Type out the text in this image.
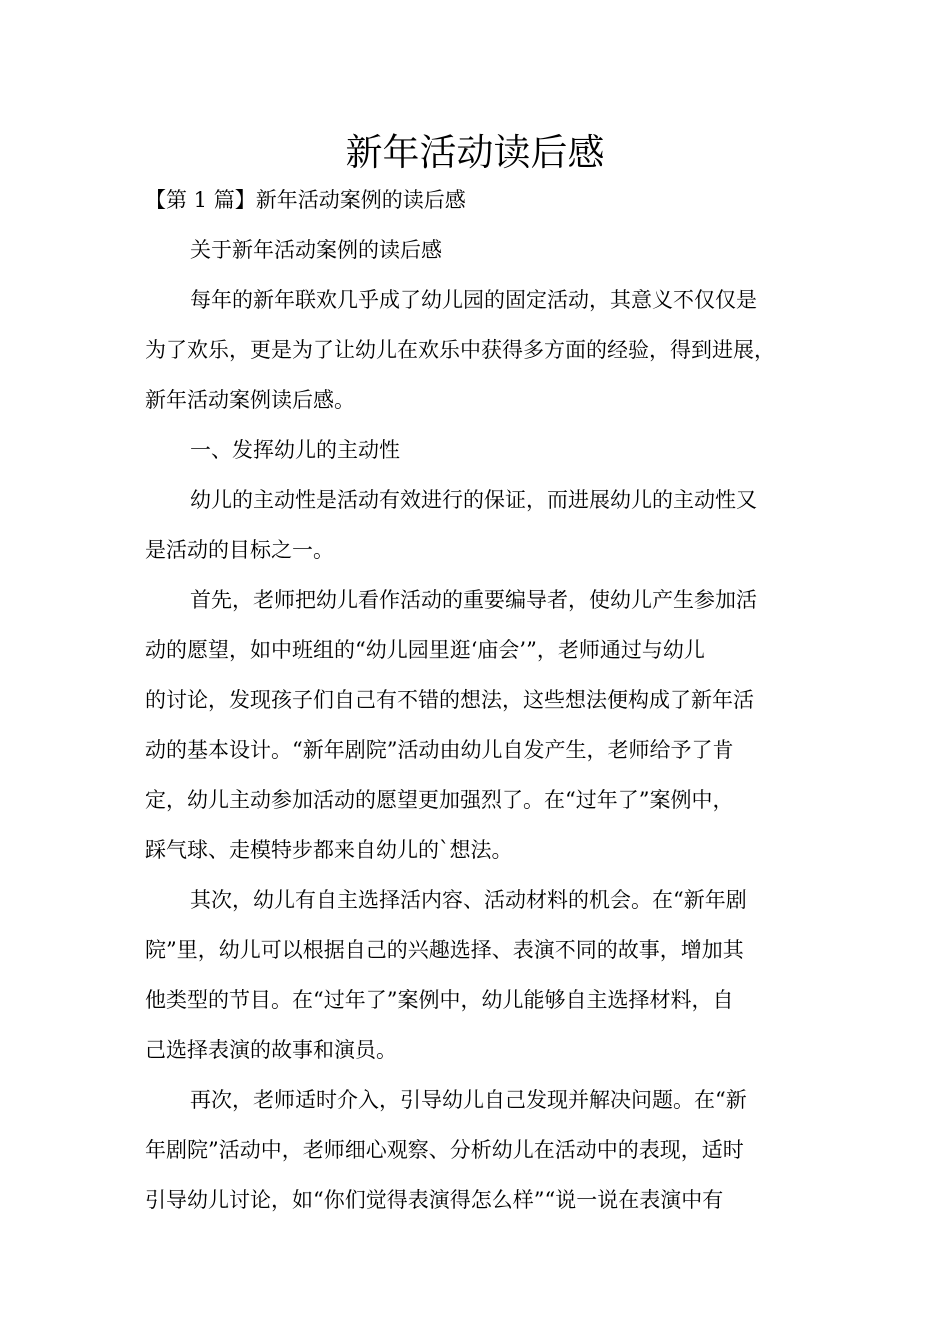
新年活动读后感

【第 1 篇】新年活动案例的读后感

关于新年活动案例的读后感

每年的新年联欢几乎成了幼儿园的固定活动，其意义不仅仅是

为了欢乐，更是为了让幼儿在欢乐中获得多方面的经验，得到进展，

新年活动案例读后感。

一、发挥幼儿的主动性

幼儿的主动性是活动有效进行的保证，而进展幼儿的主动性又

是活动的目标之一。

首先，老师把幼儿看作活动的重要编导者，使幼儿产生参加活

动的愿望，如中班组的“幼儿园里逛‘庙会’”，老师通过与幼儿

的讨论，发现孩子们自己有不错的想法，这些想法便构成了新年活

动的基本设计。“新年剧院”活动由幼儿自发产生，老师给予了肯

定，幼儿主动参加活动的愿望更加强烈了。在“过年了”案例中，

踩气球、走模特步都来自幼儿的`想法。

其次，幼儿有自主选择活内容、活动材料的机会。在“新年剧

院”里，幼儿可以根据自己的兴趣选择、表演不同的故事，增加其

他类型的节目。在“过年了”案例中，幼儿能够自主选择材料，自

己选择表演的故事和演员。

再次，老师适时介入，引导幼儿自己发现并解决问题。在“新

年剧院”活动中，老师细心观察、分析幼儿在活动中的表现，适时

引导幼儿讨论，如“你们觉得表演得怎么样”“说一说在表演中有
